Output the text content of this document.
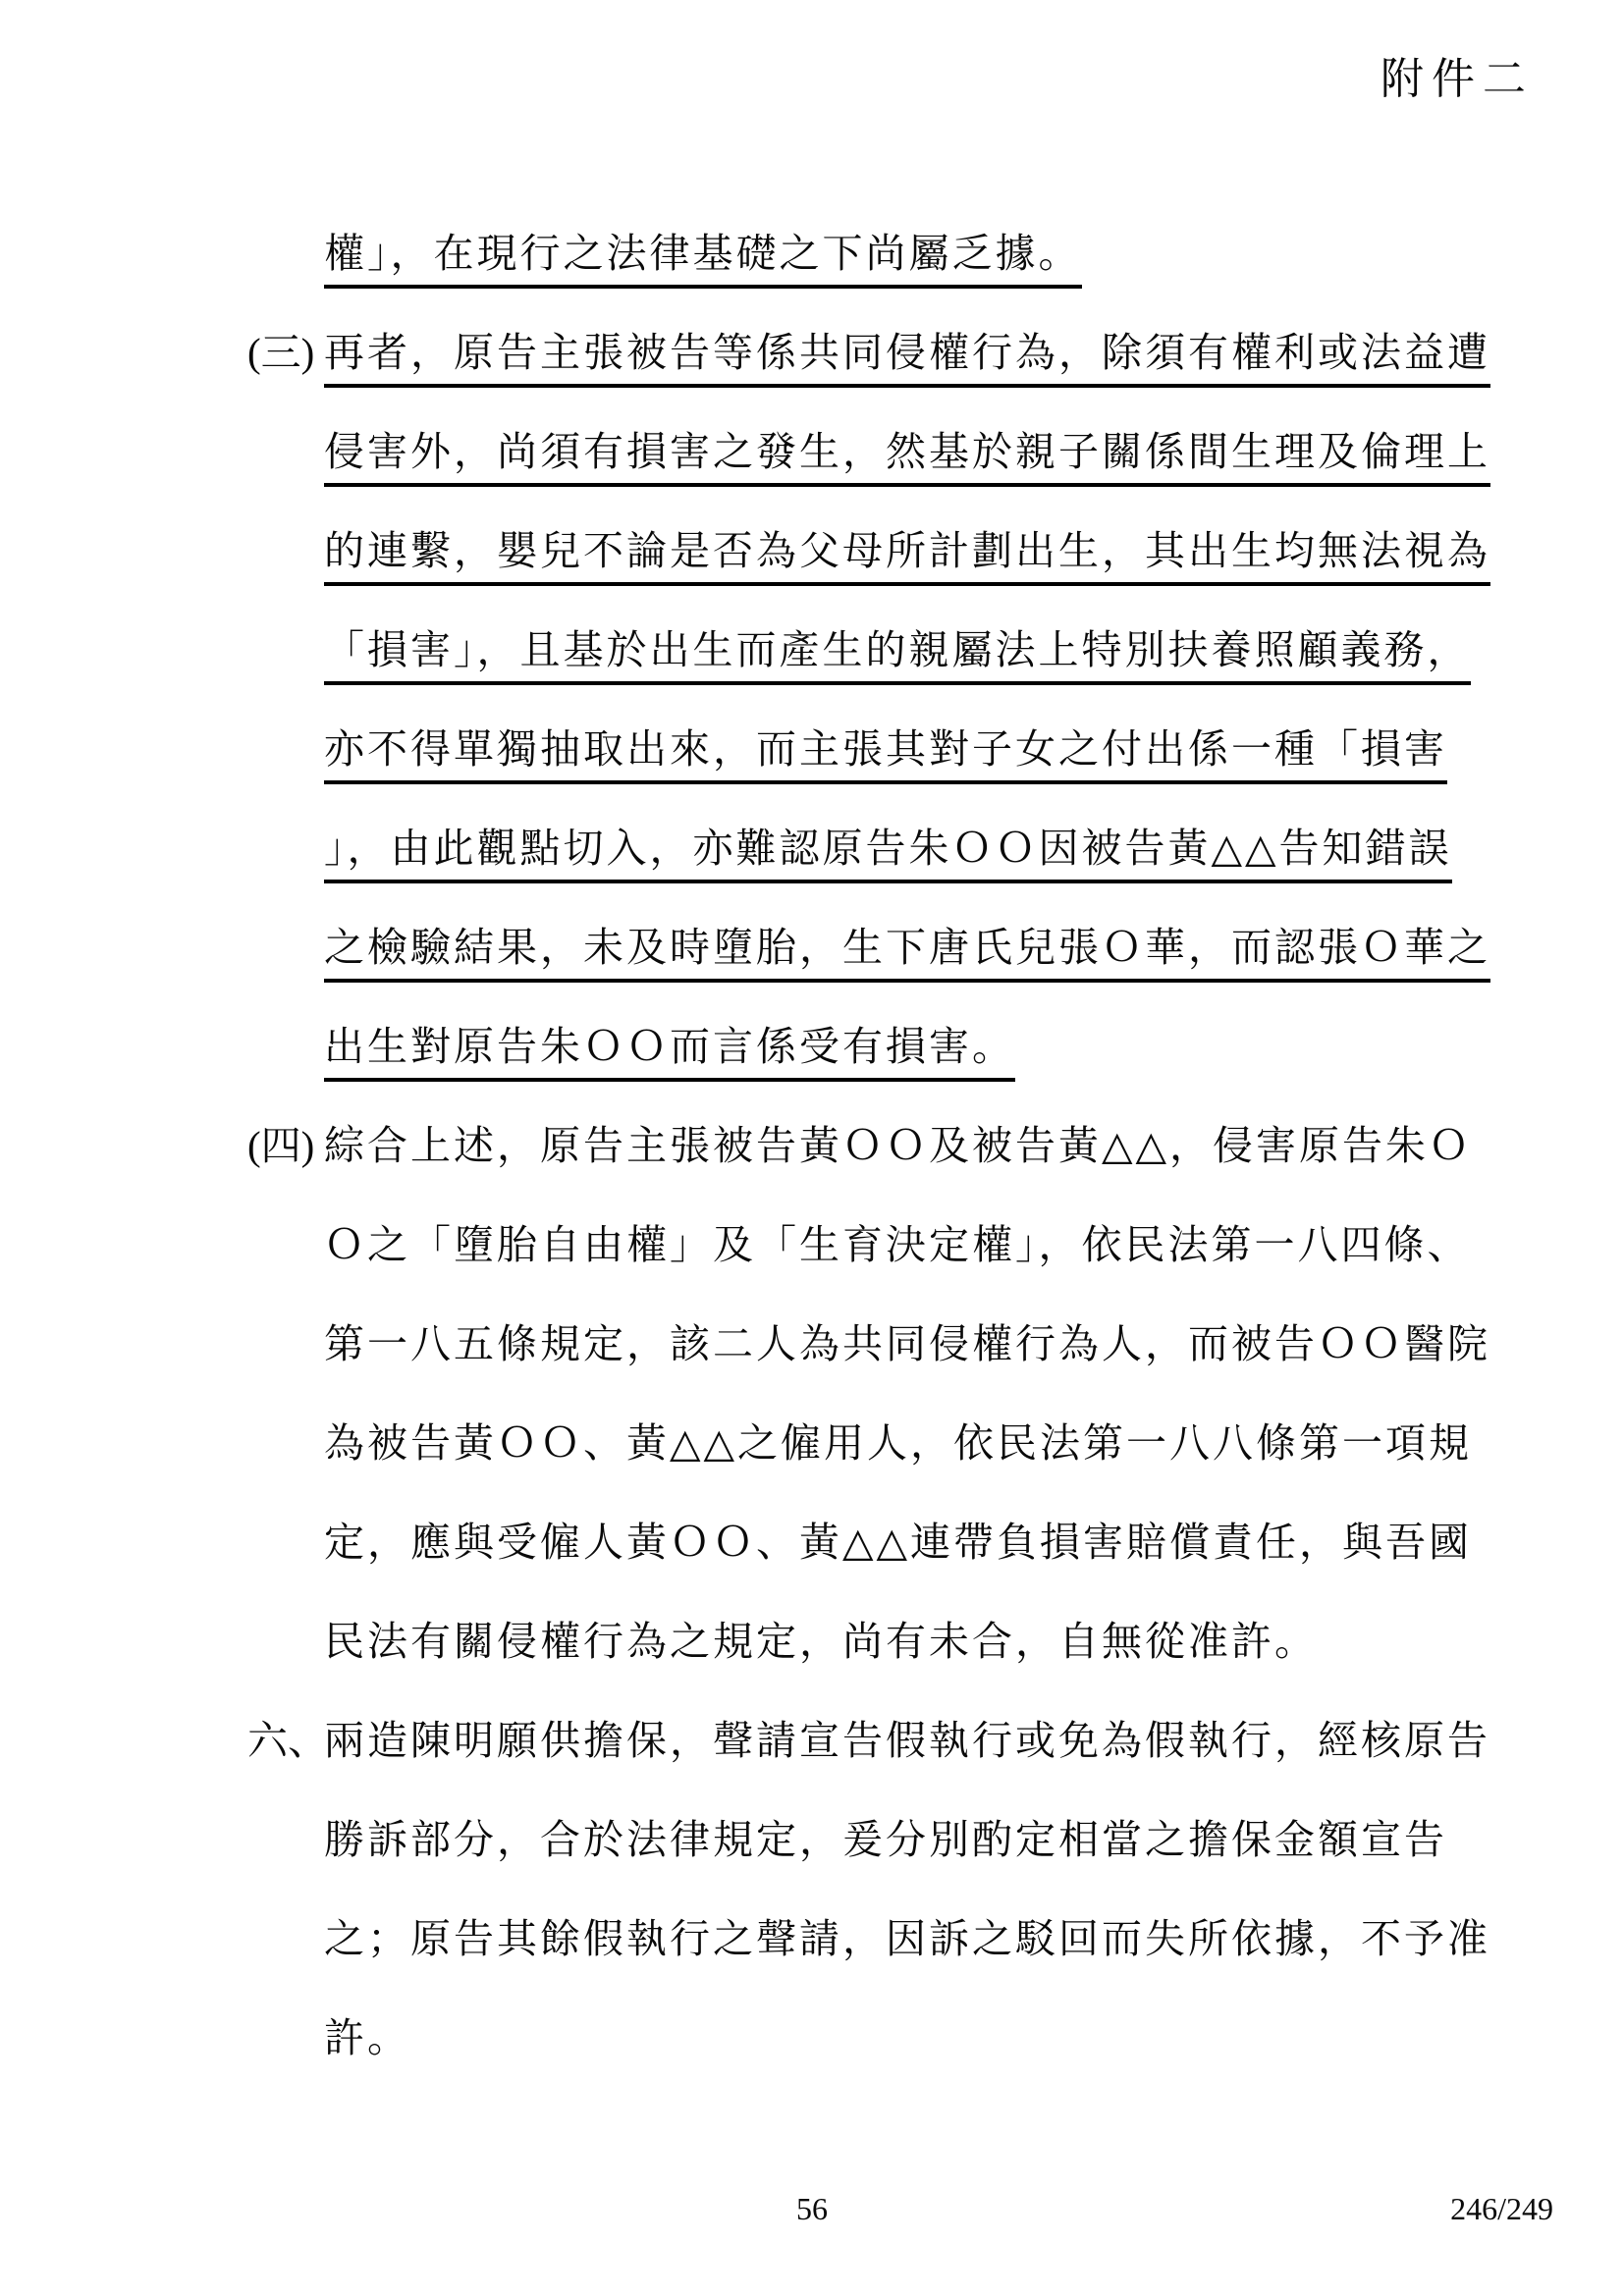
附件二
權」，在現行之法律基礎之下尚屬乏據。
(三) 再者，原告主張被告等係共同侵權行為，除須有權利或法益遭
侵害外，尚須有損害之發生，然基於親子關係間生理及倫理上
的連繫，嬰兒不論是否為父母所計劃出生，其出生均無法視為
「損害」，且基於出生而產生的親屬法上特別扶養照顧義務，
亦不得單獨抽取出來，而主張其對子女之付出係一種「損害
」，由此觀點切入，亦難認原告朱ＯＯ因被告黃△△告知錯誤
之檢驗結果，未及時墮胎，生下唐氏兒張Ｏ華，而認張Ｏ華之
出生對原告朱ＯＯ而言係受有損害。
(四) 綜合上述，原告主張被告黃ＯＯ及被告黃△△，侵害原告朱Ｏ
Ｏ之「墮胎自由權」及「生育決定權」，依民法第一八四條、
第一八五條規定，該二人為共同侵權行為人，而被告ＯＯ醫院
為被告黃ＯＯ、黃△△之僱用人，依民法第一八八條第一項規
定，應與受僱人黃ＯＯ、黃△△連帶負損害賠償責任，與吾國
民法有關侵權行為之規定，尚有未合，自無從准許。
六、
兩造陳明願供擔保，聲請宣告假執行或免為假執行，經核原告
勝訴部分，合於法律規定，爰分別酌定相當之擔保金額宣告
之；原告其餘假執行之聲請，因訴之駁回而失所依據，不予准
許。
56	246/249
